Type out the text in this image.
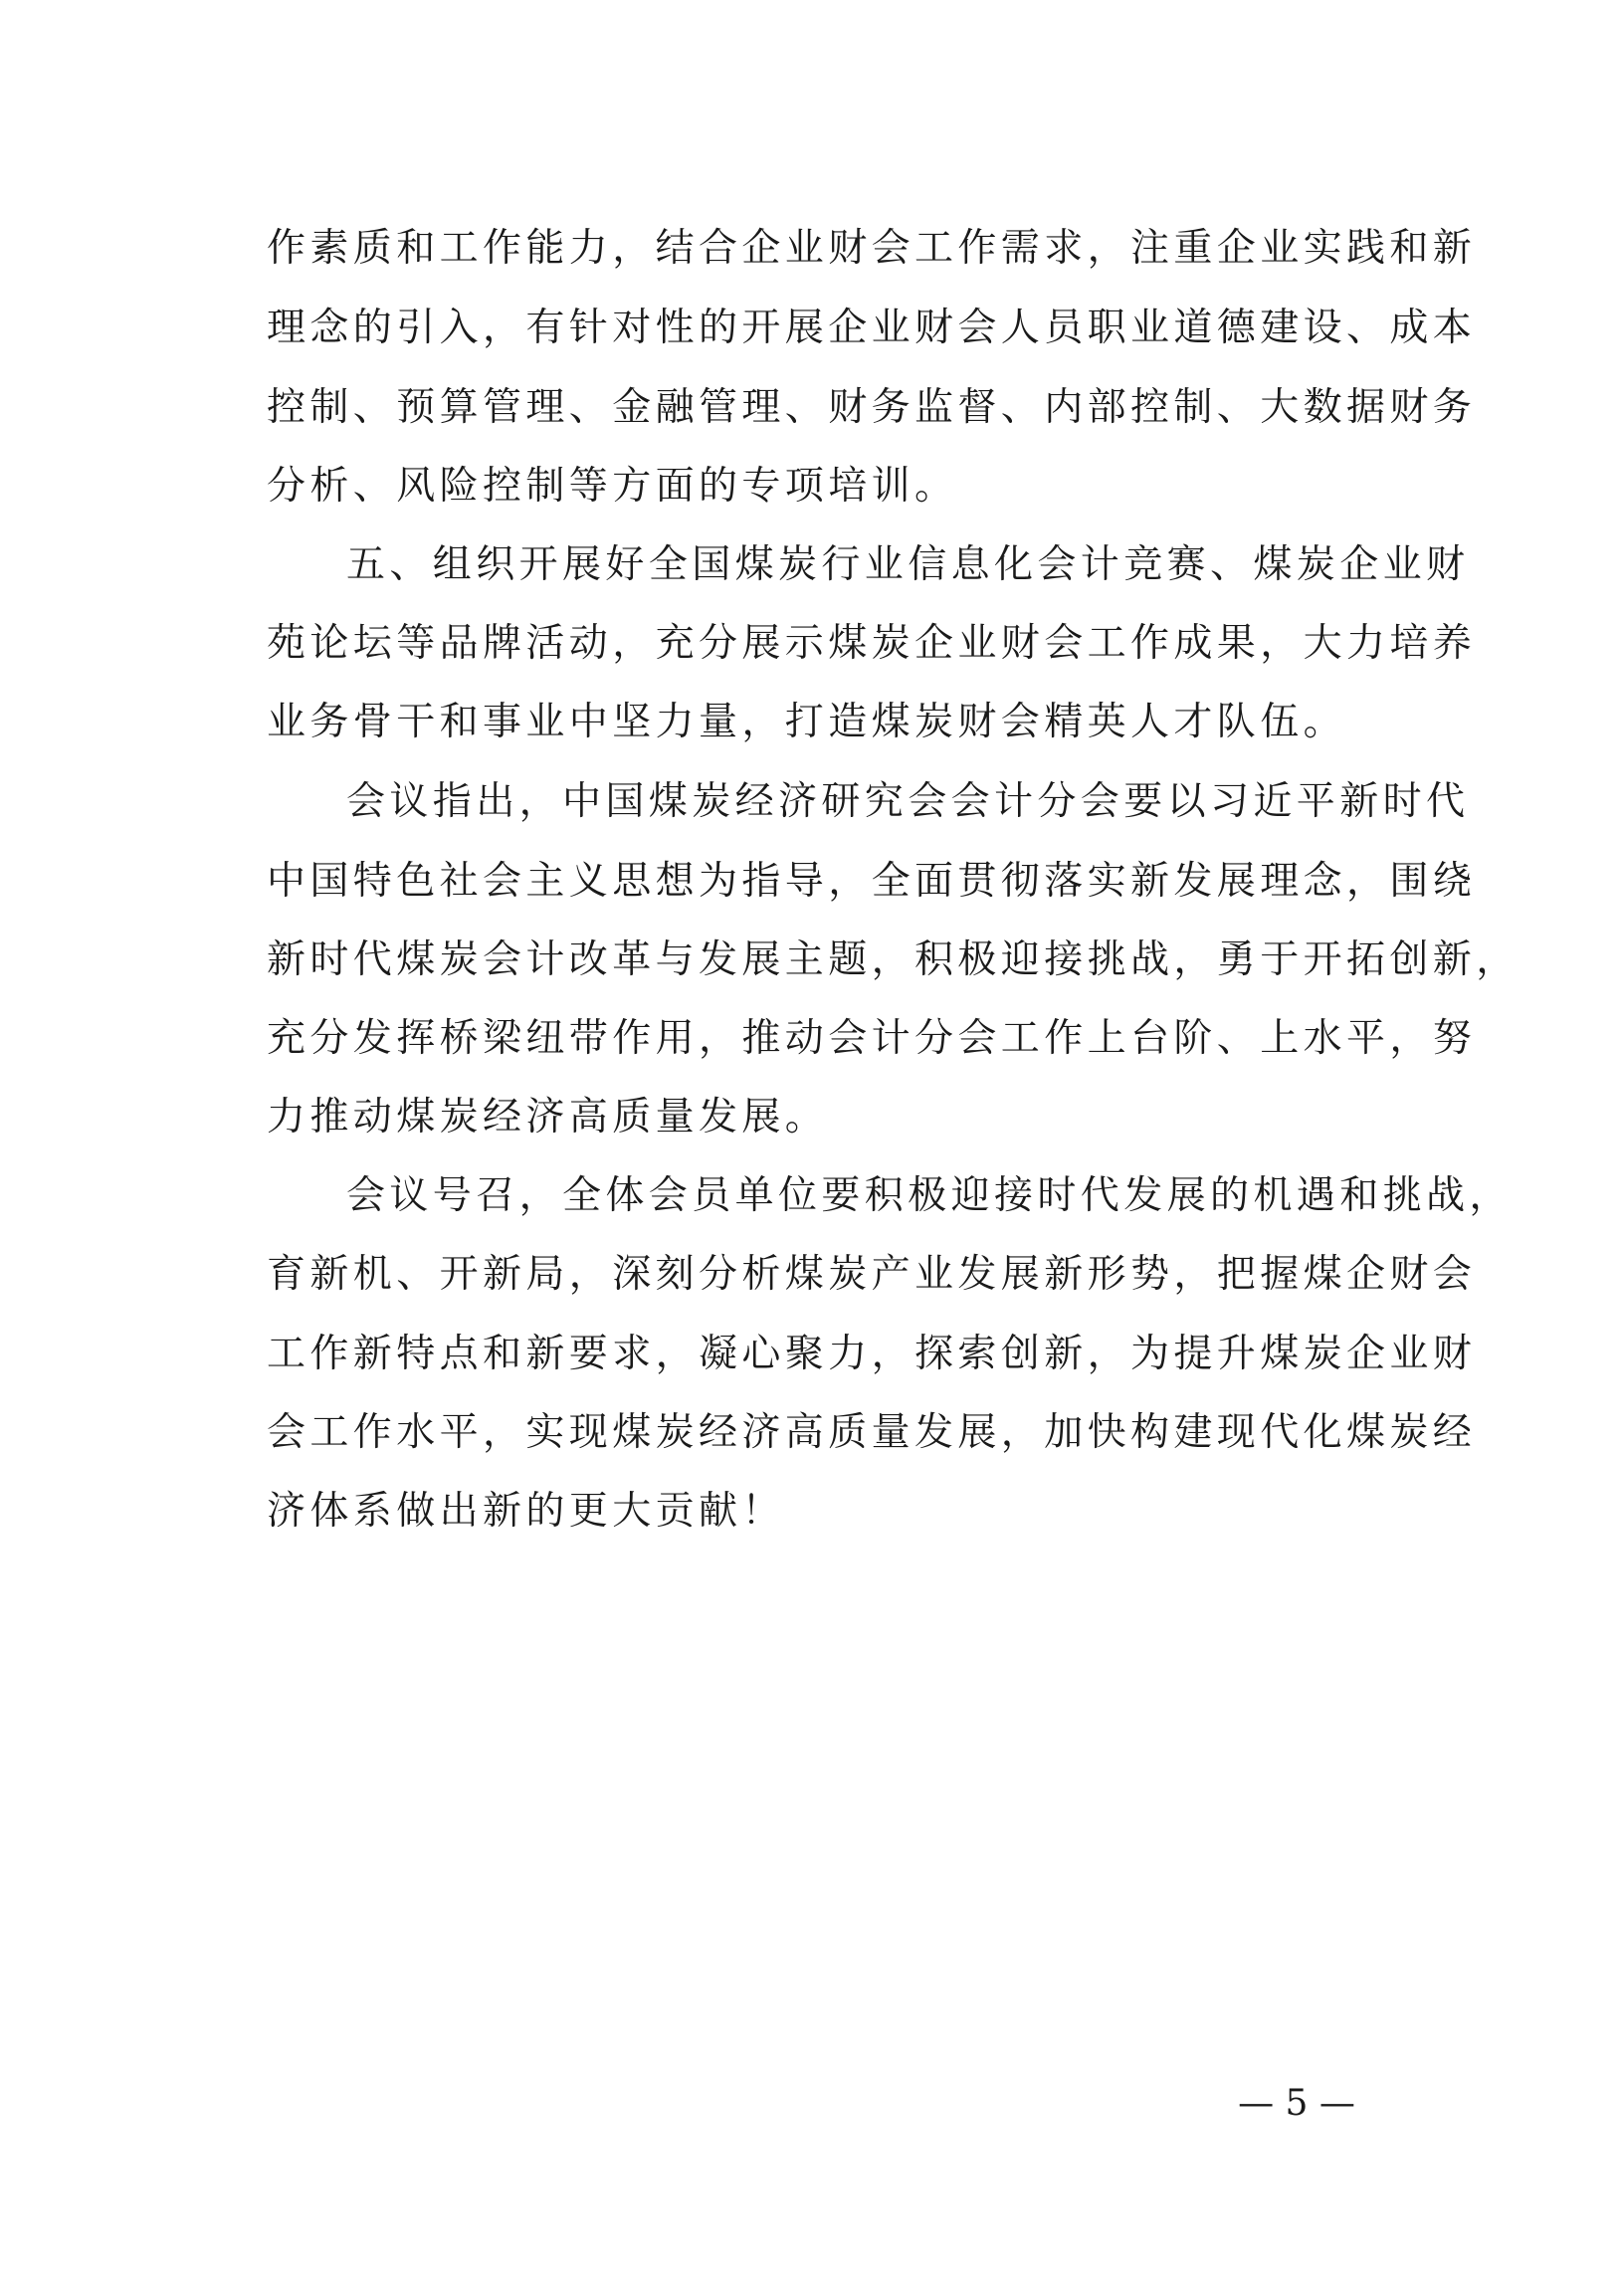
作素质和工作能力，结合企业财会工作需求，注重企业实践和新
理念的引入，有针对性的开展企业财会人员职业道德建设、成本
控制、预算管理、金融管理、财务监督、内部控制、大数据财务
分析、风险控制等方面的专项培训。
五、组织开展好全国煤炭行业信息化会计竞赛、煤炭企业财
苑论坛等品牌活动，充分展示煤炭企业财会工作成果，大力培养
业务骨干和事业中坚力量，打造煤炭财会精英人才队伍。
会议指出，中国煤炭经济研究会会计分会要以习近平新时代
中国特色社会主义思想为指导，全面贯彻落实新发展理念，围绕
新时代煤炭会计改革与发展主题，积极迎接挑战，勇于开拓创新，
充分发挥桥梁纽带作用，推动会计分会工作上台阶、上水平，努
力推动煤炭经济高质量发展。
会议号召，全体会员单位要积极迎接时代发展的机遇和挑战，
育新机、开新局，深刻分析煤炭产业发展新形势，把握煤企财会
工作新特点和新要求，凝心聚力，探索创新，为提升煤炭企业财
会工作水平，实现煤炭经济高质量发展，加快构建现代化煤炭经
济体系做出新的更大贡献！
— 5 —
